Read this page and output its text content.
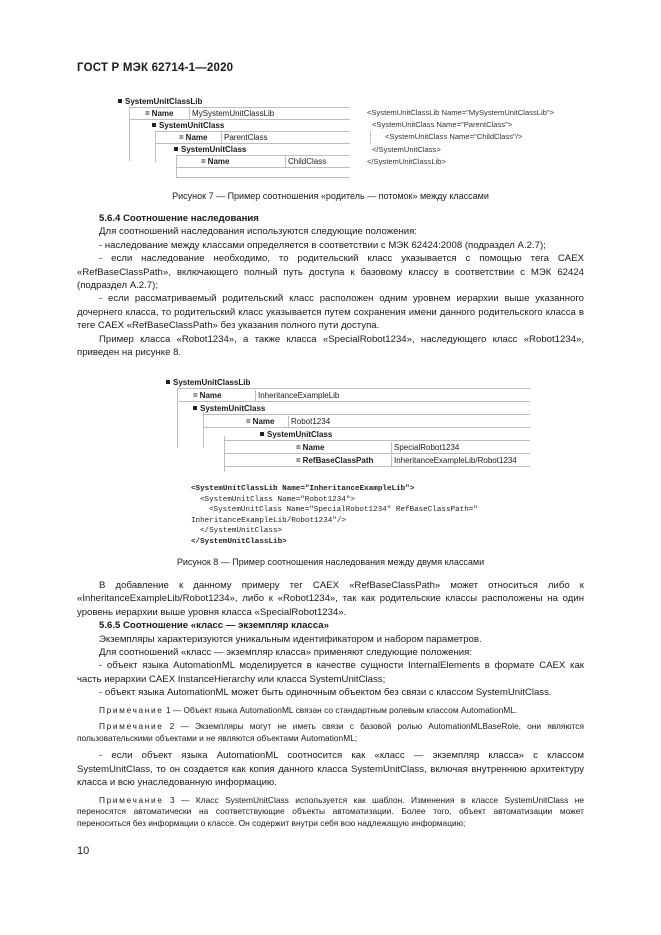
ГОСТ Р МЭК 62714-1—2020
SystemUnitClassLib
= Name	MySystemUnitClassLib
SystemUnitClass
= Name	ParentClass
SystemUnitClass
= Name	ChildClass
<SystemUnitClassLib Name="MySystemUnitClassLib">
<SystemUnitClass Name="ParentClass">
<SystemUnitClass Name="ChildClass"/>
</SystemUnitClass>
</SystemUnitClassLib>
Рисунок 7 — Пример соотношения «родитель — потомок» между классами

5.6.4 Соотношение наследования

Для соотношений наследования используются следующие положения:

- наследование между классами определяется в соответствии с МЭК 62424:2008 (подраздел А.2.7);

- если наследование необходимо, то родительский класс указывается с помощью тега CAEX «RefBaseClassPath», включающего полный путь доступа к базовому классу в соответствии с МЭК 62424 (подраздел А.2.7);

- если рассматриваемый родительский класс расположен одним уровнем иерархии выше указанного дочернего класса, то родительский класс указывается путем сохранения имени данного родительского класса в теге CAEX «RefBaseClassPath» без указания полного пути доступа.

Пример класса «Robot1234», а также класса «SpecialRobot1234», наследующего класс «Robot1234», приведен на рисунке 8.

SystemUnitClassLib
= Name	InheritanceExampleLib
SystemUnitClass
= Name	Robot1234
SystemUnitClass
= Name	SpecialRobot1234
= RefBaseClassPath	InheritanceExampleLib/Robot1234
<SystemUnitClassLib Name="InheritanceExampleLib">
<SystemUnitClass Name="Robot1234">
<SystemUnitClass Name="SpecialRobot1234" RefBaseClassPath="
InheritanceExampleLib/Robot1234"/>
</SystemUnitClass>
</SystemUnitClassLib>
Рисунок 8 — Пример соотношения наследования между двумя классами

В добавление к данному примеру тег CAEX «RefBaseClassPath» может относиться либо к «InheritanceExampleLib/Robot1234», либо к «Robot1234», так как родительские классы расположены на один уровень иерархии выше уровня класса «SpecialRobot1234».

5.6.5 Соотношение «класс — экземпляр класса»

Экземпляры характеризуются уникальным идентификатором и набором параметров.

Для соотношений «класс — экземпляр класса» применяют следующие положения:

- объект языка AutomationML моделируется в качестве сущности InternalElements в формате CAEX как часть иерархии CAEX InstanceHierarchy или класса SystemUnitClass;

- объект языка AutomationML может быть одиночным объектом без связи с классом SystemUnitClass.

Примечание 1 — Объект языка AutomationML связан со стандартным ролевым классом AutomationML.

Примечание 2 — Экземпляры могут не иметь связи с базовой ролью AutomationMLBaseRole, они являются пользовательскими объектами и не являются объектами AutomationML;

- если объект языка AutomationML соотносится как «класс — экземпляр класса» с классом SystemUnitClass, то он создается как копия данного класса SystemUnitClass, включая внутреннюю архитектуру класса и всю унаследованную информацию.

Примечание 3 — Класс SystemUnitClass используется как шаблон. Изменения в классе SystemUnitClass не переносятся автоматически на соответствующие объекты автоматизации. Более того, объект автоматизации может переноситься без информации о классе. Он содержит внутри себя всю надлежащую информацию;

10
